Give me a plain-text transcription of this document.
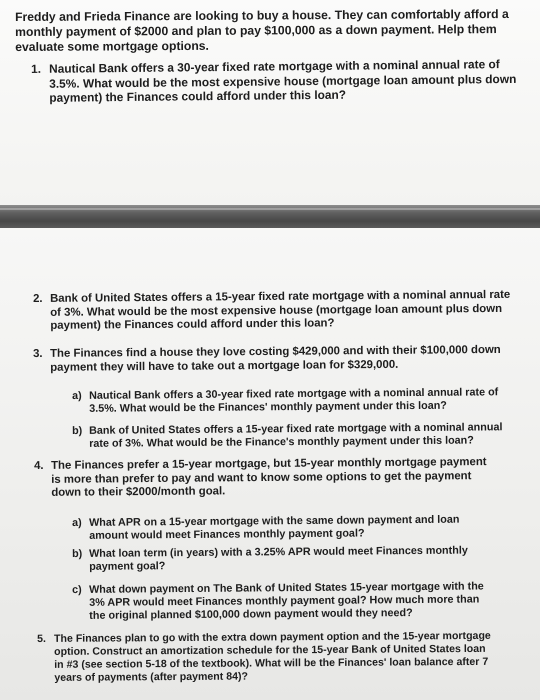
Freddy and Frieda Finance are looking to buy a house. They can comfortably afford a monthly payment of $2000 and plan to pay $100,000 as a down payment. Help them evaluate some mortgage options.

1. Nautical Bank offers a 30-year fixed rate mortgage with a nominal annual rate of 3.5%. What would be the most expensive house (mortgage loan amount plus down payment) the Finances could afford under this loan?
2. Bank of United States offers a 15-year fixed rate mortgage with a nominal annual rate of 3%. What would be the most expensive house (mortgage loan amount plus down payment) the Finances could afford under this loan?
3. The Finances find a house they love costing $429,000 and with their $100,000 down payment they will have to take out a mortgage loan for $329,000.
a) Nautical Bank offers a 30-year fixed rate mortgage with a nominal annual rate of 3.5%. What would be the Finances' monthly payment under this loan?
b) Bank of United States offers a 15-year fixed rate mortgage with a nominal annual rate of 3%. What would be the Finance's monthly payment under this loan?
4. The Finances prefer a 15-year mortgage, but 15-year monthly mortgage payment is more than prefer to pay and want to know some options to get the payment down to their $2000/month goal.
a) What APR on a 15-year mortgage with the same down payment and loan amount would meet Finances monthly payment goal?
b) What loan term (in years) with a 3.25% APR would meet Finances monthly payment goal?
c) What down payment on The Bank of United States 15-year mortgage with the 3% APR would meet Finances monthly payment goal? How much more than the original planned $100,000 down payment would they need?
5. The Finances plan to go with the extra down payment option and the 15-year mortgage option. Construct an amortization schedule for the 15-year Bank of United States loan in #3 (see section 5-18 of the textbook). What will be the Finances' loan balance after 7 years of payments (after payment 84)?
